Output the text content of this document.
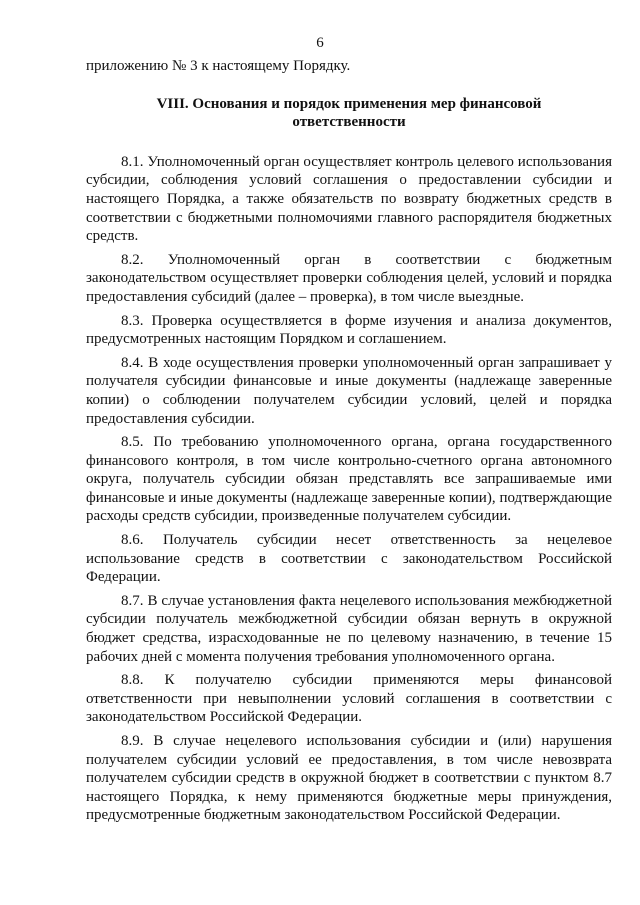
6

приложению № 3 к настоящему Порядку.

VIII. Основания и порядок применения мер финансовой ответственности

8.1. Уполномоченный орган осуществляет контроль целевого использования субсидии, соблюдения условий соглашения о предоставлении субсидии и настоящего Порядка, а также обязательств по возврату бюджетных средств в соответствии с бюджетными полномочиями главного распорядителя бюджетных средств.

8.2. Уполномоченный орган в соответствии с бюджетным законодательством осуществляет проверки соблюдения целей, условий и порядка предоставления субсидий (далее – проверка), в том числе выездные.

8.3. Проверка осуществляется в форме изучения и анализа документов, предусмотренных настоящим Порядком и соглашением.

8.4. В ходе осуществления проверки уполномоченный орган запрашивает у получателя субсидии финансовые и иные документы (надлежаще заверенные копии) о соблюдении получателем субсидии условий, целей и порядка предоставления субсидии.

8.5. По требованию уполномоченного органа, органа государственного финансового контроля, в том числе контрольно-счетного органа автономного округа, получатель субсидии обязан представлять все запрашиваемые ими финансовые и иные документы (надлежаще заверенные копии), подтверждающие расходы средств субсидии, произведенные получателем субсидии.

8.6. Получатель субсидии несет ответственность за нецелевое использование средств в соответствии с законодательством Российской Федерации.

8.7. В случае установления факта нецелевого использования межбюджетной субсидии получатель межбюджетной субсидии обязан вернуть в окружной бюджет средства, израсходованные не по целевому назначению, в течение 15 рабочих дней с момента получения требования уполномоченного органа.

8.8. К получателю субсидии применяются меры финансовой ответственности при невыполнении условий соглашения в соответствии с законодательством Российской Федерации.

8.9. В случае нецелевого использования субсидии и (или) нарушения получателем субсидии условий ее предоставления, в том числе невозврата получателем субсидии средств в окружной бюджет в соответствии с пунктом 8.7 настоящего Порядка, к нему применяются бюджетные меры принуждения, предусмотренные бюджетным законодательством Российской Федерации.
